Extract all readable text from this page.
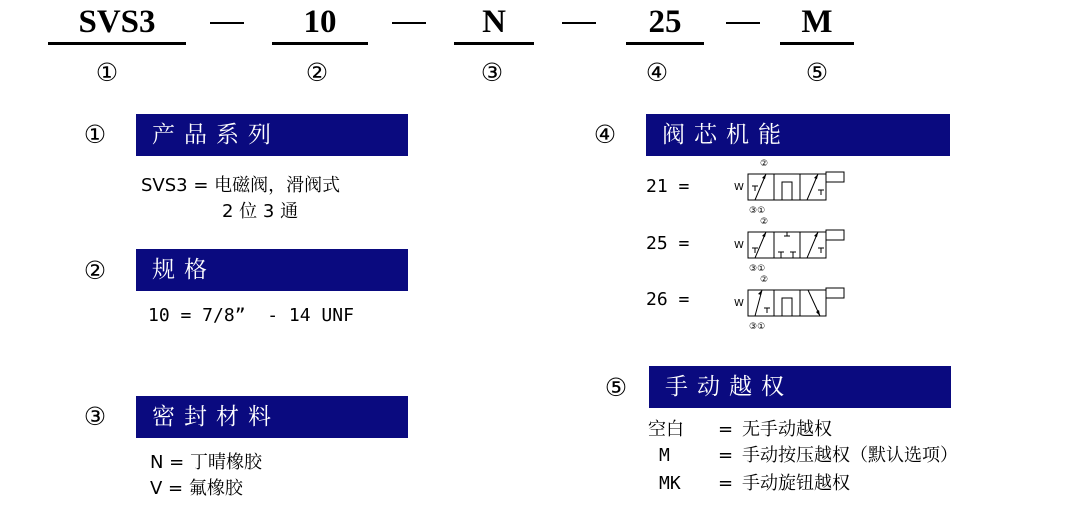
SVS3	10	N	25	M
①	②	③	④	⑤
①	产品系列
SVS3 = 电磁阀，滑阀式
2 位 3 通
②	规格
10 = 7/8”  - 14 UNF
③	密封材料
N = 丁晴橡胶
V = 氟橡胶
④	阀芯机能
21 =
②
W
③①
25 =
②
W
③①
26 =
②
W
③①
⑤	手动越权
空白 = 无手动越权
M	= 手动按压越权（默认选项）
MK = 手动旋钮越权
